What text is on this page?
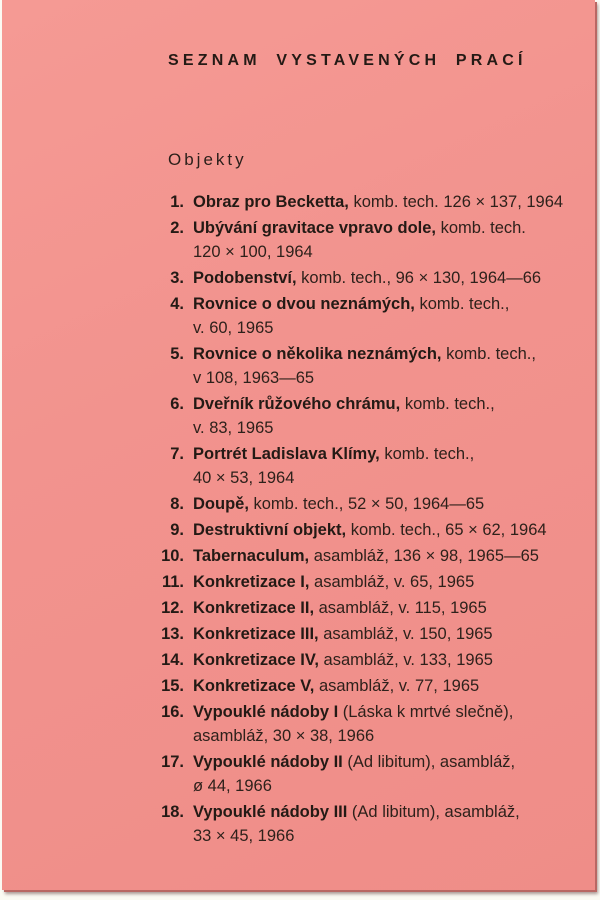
SEZNAM VYSTAVENÝCH PRACÍ
Objekty
1. Obraz pro Becketta, komb. tech. 126 × 137, 1964
2. Ubývání gravitace vpravo dole, komb. tech.
120 × 100, 1964
3. Podobenství, komb. tech., 96 × 130, 1964—66
4. Rovnice o dvou neznámých, komb. tech.,
v. 60, 1965
5. Rovnice o několika neznámých, komb. tech.,
v 108, 1963—65
6. Dveřník růžového chrámu, komb. tech.,
v. 83, 1965
7. Portrét Ladislava Klímy, komb. tech.,
40 × 53, 1964
8. Doupě, komb. tech., 52 × 50, 1964—65
9. Destruktivní objekt, komb. tech., 65 × 62, 1964
10. Tabernaculum, asambláž, 136 × 98, 1965—65
11. Konkretizace I, asambláž, v. 65, 1965
12. Konkretizace II, asambláž, v. 115, 1965
13. Konkretizace III, asambláž, v. 150, 1965
14. Konkretizace IV, asambláž, v. 133, 1965
15. Konkretizace V, asambláž, v. 77, 1965
16. Vypouklé nádoby I (Láska k mrtvé slečně),
asambláž, 30 × 38, 1966
17. Vypouklé nádoby II (Ad libitum), asambláž,
ø 44, 1966
18. Vypouklé nádoby III (Ad libitum), asambláž,
33 × 45, 1966
